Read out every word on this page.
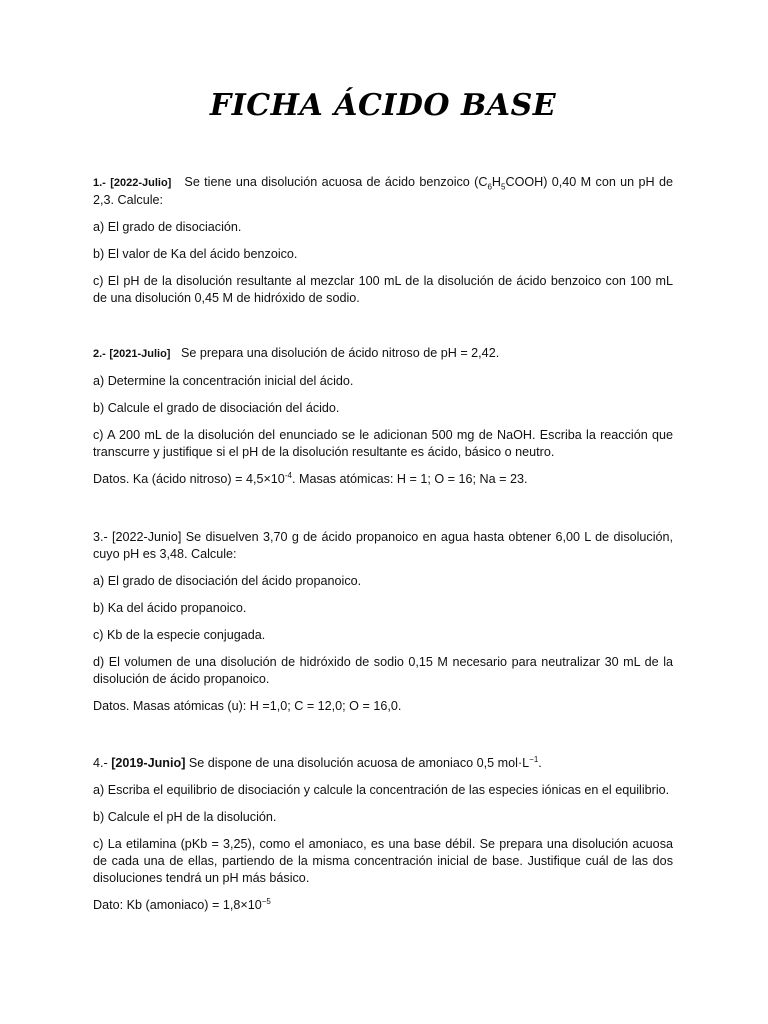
FICHA ÁCIDO BASE

1.- [2022-Julio] Se tiene una disolución acuosa de ácido benzoico $(C_6H_5COOH)$ 0,40 M con un pH de 2,3. Calcule:

a) El grado de disociación.

b) El valor de Ka del ácido benzoico.

c) El pH de la disolución resultante al mezclar 100 mL de la disolución de ácido benzoico con 100 mL de una disolución 0,45 M de hidróxido de sodio.

2.- [2021-Julio] Se prepara una disolución de ácido nitroso de pH = 2,42.

a) Determine la concentración inicial del ácido.

b) Calcule el grado de disociación del ácido.

c) A 200 mL de la disolución del enunciado se le adicionan 500 mg de NaOH. Escriba la reacción que transcurre y justifique si el pH de la disolución resultante es ácido, básico o neutro.

Datos. Ka (ácido nitroso) = $4,5\times 10^{-4}$. Masas atómicas: H = 1; O = 16; Na = 23.

3.- [2022-Junio] Se disuelven 3,70 g de ácido propanoico en agua hasta obtener 6,00 L de disolución, cuyo pH es 3,48. Calcule:

a) El grado de disociación del ácido propanoico.

b) Ka del ácido propanoico.

c) Kb de la especie conjugada.

d) El volumen de una disolución de hidróxido de sodio 0,15 M necesario para neutralizar 30 mL de la disolución de ácido propanoico.

Datos. Masas atómicas (u): H =1,0; C = 12,0; O = 16,0.

4.- [2019-Junio] Se dispone de una disolución acuosa de amoniaco 0,5 $mol\cdot L^{-1}$.

a) Escriba el equilibrio de disociación y calcule la concentración de las especies iónicas en el equilibrio.

b) Calcule el pH de la disolución.

c) La etilamina (pKb = 3,25), como el amoniaco, es una base débil. Se prepara una disolución acuosa de cada una de ellas, partiendo de la misma concentración inicial de base. Justifique cuál de las dos disoluciones tendrá un pH más básico.

Dato: Kb (amoniaco) = $1,8\times 10^{-5}$
